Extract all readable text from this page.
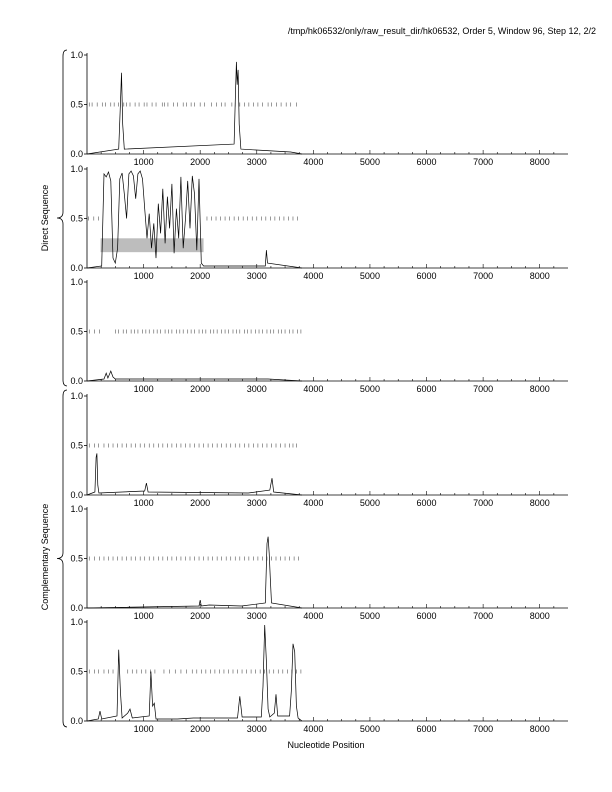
/tmp/hk06532/only/raw_result_dir/hk06532, Order 5, Window 96, Step 12, 2/2
Direct Sequence
Complementary Sequence
0.0
0.5
1.0
1000	2000	3000	4000	5000	6000	7000	8000
0.0
0.5
1.0
1000	2000	3000	4000	5000	6000	7000	8000
0.0
0.5
1.0
1000	2000	3000	4000	5000	6000	7000	8000
0.0
0.5
1.0
1000	2000	3000	4000	5000	6000	7000	8000
0.0
0.5
1.0
1000	2000	3000	4000	5000	6000	7000	8000
0.0
0.5
1.0
1000	2000	3000	4000	5000	6000	7000	8000
Nucleotide Position
